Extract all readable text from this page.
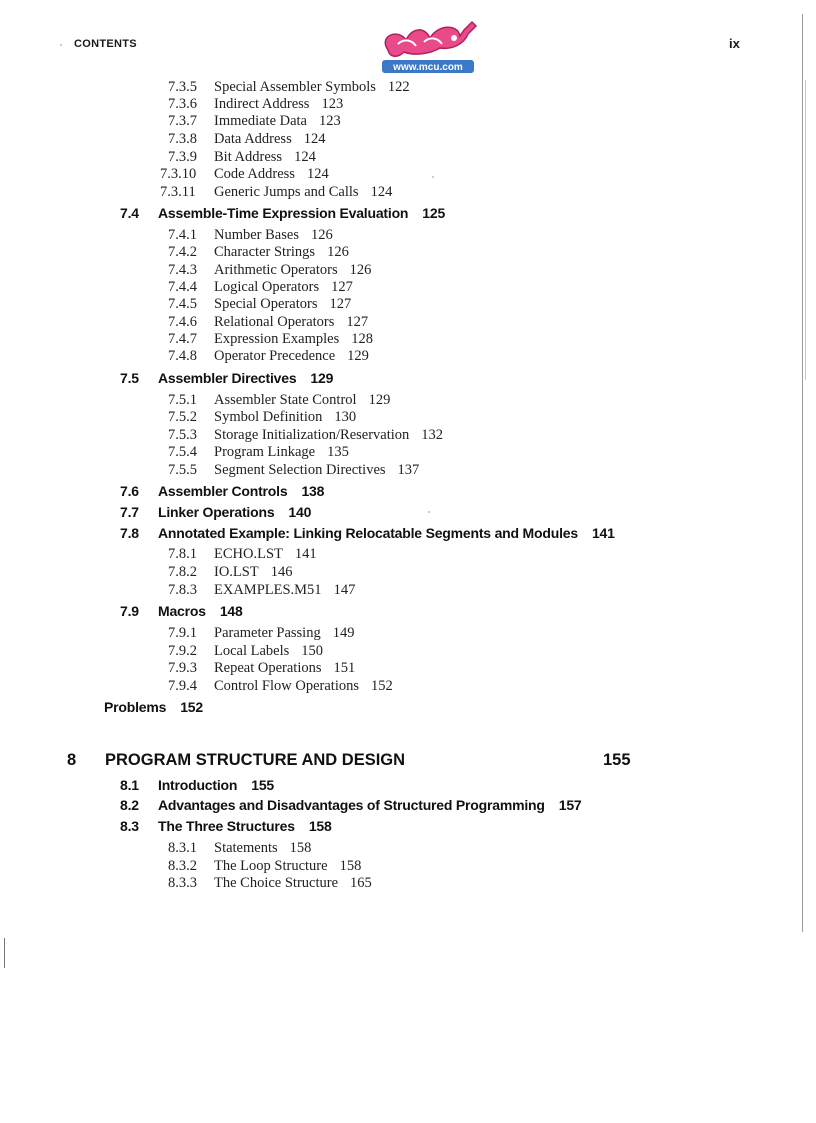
CONTENTS
www.mcu.com
ix
7.3.5 Special Assembler Symbols 122
7.3.6 Indirect Address 123
7.3.7 Immediate Data 123
7.3.8 Data Address 124
7.3.9 Bit Address 124
7.3.10 Code Address 124
7.3.11 Generic Jumps and Calls 124
7.4 Assemble-Time Expression Evaluation 125
7.4.1 Number Bases 126
7.4.2 Character Strings 126
7.4.3 Arithmetic Operators 126
7.4.4 Logical Operators 127
7.4.5 Special Operators 127
7.4.6 Relational Operators 127
7.4.7 Expression Examples 128
7.4.8 Operator Precedence 129
7.5 Assembler Directives 129
7.5.1 Assembler State Control 129
7.5.2 Symbol Definition 130
7.5.3 Storage Initialization/Reservation 132
7.5.4 Program Linkage 135
7.5.5 Segment Selection Directives 137
7.6 Assembler Controls 138
7.7 Linker Operations 140
7.8 Annotated Example: Linking Relocatable Segments and Modules 141
7.8.1 ECHO.LST 141
7.8.2 IO.LST 146
7.8.3 EXAMPLES.M51 147
7.9 Macros 148
7.9.1 Parameter Passing 149
7.9.2 Local Labels 150
7.9.3 Repeat Operations 151
7.9.4 Control Flow Operations 152
Problems 152
8 PROGRAM STRUCTURE AND DESIGN	155
8.1 Introduction 155
8.2 Advantages and Disadvantages of Structured Programming 157
8.3 The Three Structures 158
8.3.1 Statements 158
8.3.2 The Loop Structure 158
8.3.3 The Choice Structure 165
